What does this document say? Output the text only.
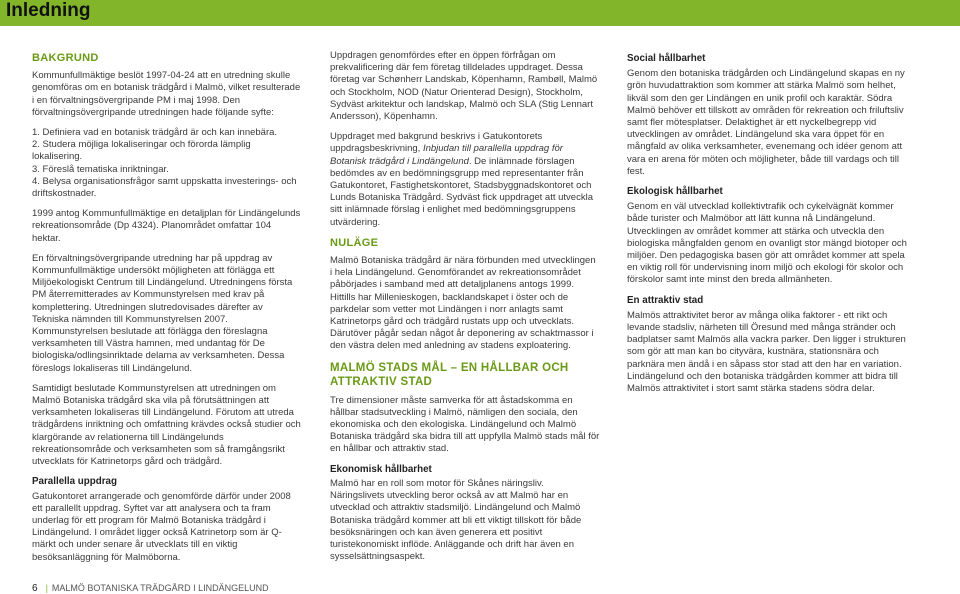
Inledning
BAKGRUND

Kommunfullmäktige beslöt 1997-04-24 att en utredning skulle genomföras om en botanisk trädgård i Malmö, vilket resulterade i en förvaltningsövergripande PM i maj 1998. Den förvaltningsövergripande utredningen hade följande syfte:

1. Definiera vad en botanisk trädgård är och kan innebära.
2. Studera möjliga lokaliseringar och förorda lämplig lokalisering.
3. Föreslå tematiska inriktningar.
4. Belysa organisationsfrågor samt uppskatta investerings- och driftskostnader.

1999 antog Kommunfullmäktige en detaljplan för Lindängelunds rekreationsområde (Dp 4324). Planområdet omfattar 104 hektar.

En förvaltningsövergripande utredning har på uppdrag av Kommunfullmäktige undersökt möjligheten att förlägga ett Miljöekologiskt Centrum till Lindängelund. Utredningens första PM återremitterades av Kommunstyrelsen med krav på komplettering. Utredningen slutredovisades därefter av Tekniska nämnden till Kommunstyrelsen 2007. Kommunstyrelsen beslutade att förlägga den föreslagna verksamheten till Västra hamnen, med undantag för De biologiska/odlingsinriktade delarna av verksamheten. Dessa föreslogs lokaliseras till Lindängelund.

Samtidigt beslutade Kommunstyrelsen att utredningen om Malmö Botaniska trädgård ska vila på förutsättningen att verksamheten lokaliseras till Lindängelund. Förutom att utreda trädgårdens inriktning och omfattning krävdes också studier och klargörande av relationerna till Lindängelunds rekreationsområde och verksamheten som så framgångsrikt utvecklats för Katrinetorps gård och trädgård.

Parallella uppdrag

Gatukontoret arrangerade och genomförde därför under 2008 ett parallellt uppdrag. Syftet var att analysera och ta fram underlag för ett program för Malmö Botaniska trädgård i Lindängelund. I området ligger också Katrinetorp som är Q-märkt och under senare år utvecklats till en viktig besöksanläggning för Malmöborna.

Uppdragen genomfördes efter en öppen förfrågan om prekvalificering där fem företag tilldelades uppdraget. Dessa företag var Schønherr Landskab, Köpenhamn, Rambøll, Malmö och Stockholm, NOD (Natur Orienterad Design), Stockholm, Sydväst arkitektur och landskap, Malmö och SLA (Stig Lennart Andersson), Köpenhamn.

Uppdraget med bakgrund beskrivs i Gatukontorets uppdragsbeskrivning, Inbjudan till parallella uppdrag för Botanisk trädgård i Lindängelund. De inlämnade förslagen bedömdes av en bedömningsgrupp med representanter från Gatukontoret, Fastighetskontoret, Stadsbyggnadskontoret och Lunds Botaniska Trädgård. Sydväst fick uppdraget att utveckla sitt inlämnade förslag i enlighet med bedömningsgruppens utvärdering.

NULÄGE

Malmö Botaniska trädgård är nära förbunden med utvecklingen i hela Lindängelund. Genomförandet av rekreationsområdet påbörjades i samband med att detaljplanens antogs 1999. Hittills har Millenieskogen, backlandskapet i öster och de parkdelar som vetter mot Lindängen i norr anlagts samt Katrinetorps gård och trädgård rustats upp och utvecklats. Därutöver pågår sedan något år deponering av schaktmassor i den västra delen med anledning av stadens exploatering.

MALMÖ STADS MÅL – EN HÅLLBAR OCH ATTRAKTIV STAD

Tre dimensioner måste samverka för att åstadskomma en hållbar stadsutveckling i Malmö, nämligen den sociala, den ekonomiska och den ekologiska. Lindängelund och Malmö Botaniska trädgård ska bidra till att uppfylla Malmö stads mål för en hållbar och attraktiv stad.

Ekonomisk hållbarhet

Malmö har en roll som motor för Skånes näringsliv. Näringslivets utveckling beror också av att Malmö har en utvecklad och attraktiv stadsmiljö. Lindängelund och Malmö Botaniska trädgård kommer att bli ett viktigt tillskott för både besöksnäringen och kan även generera ett positivt turistekonomiskt inflöde. Anläggande och drift har även en sysselsättningsaspekt.

Social hållbarhet

Genom den botaniska trädgården och Lindängelund skapas en ny grön huvudattraktion som kommer att stärka Malmö som helhet, likväl som den ger Lindängen en unik profil och karaktär. Södra Malmö behöver ett tillskott av områden för rekreation och friluftsliv samt fler mötesplatser. Delaktighet är ett nyckelbegrepp vid utvecklingen av området. Lindängelund ska vara öppet för en mångfald av olika verksamheter, evenemang och idéer genom att vara en arena för möten och möjligheter, både till vardags och till fest.

Ekologisk hållbarhet

Genom en väl utvecklad kollektivtrafik och cykelvägnät kommer både turister och Malmöbor att lätt kunna nå Lindängelund. Utvecklingen av området kommer att stärka och utveckla den biologiska mångfalden genom en ovanligt stor mängd biotoper och miljöer. Den pedagogiska basen gör att området kommer att spela en viktig roll för undervisning inom miljö och ekologi för skolor och förskolor samt inte minst den breda allmänheten.

En attraktiv stad

Malmös attraktivitet beror av många olika faktorer - ett rikt och levande stadsliv, närheten till Öresund med många stränder och badplatser samt Malmös alla vackra parker. Den ligger i strukturen som gör att man kan bo cityvära, kustnära, stationsnära och parknära men ändå i en såpass stor stad att den har en variation. Lindängelund och den botaniska trädgården kommer att bidra till Malmös attraktivitet i stort samt stärka stadens södra delar.

6 | MALMÖ BOTANISKA TRÄDGÅRD I LINDÄNGELUND
